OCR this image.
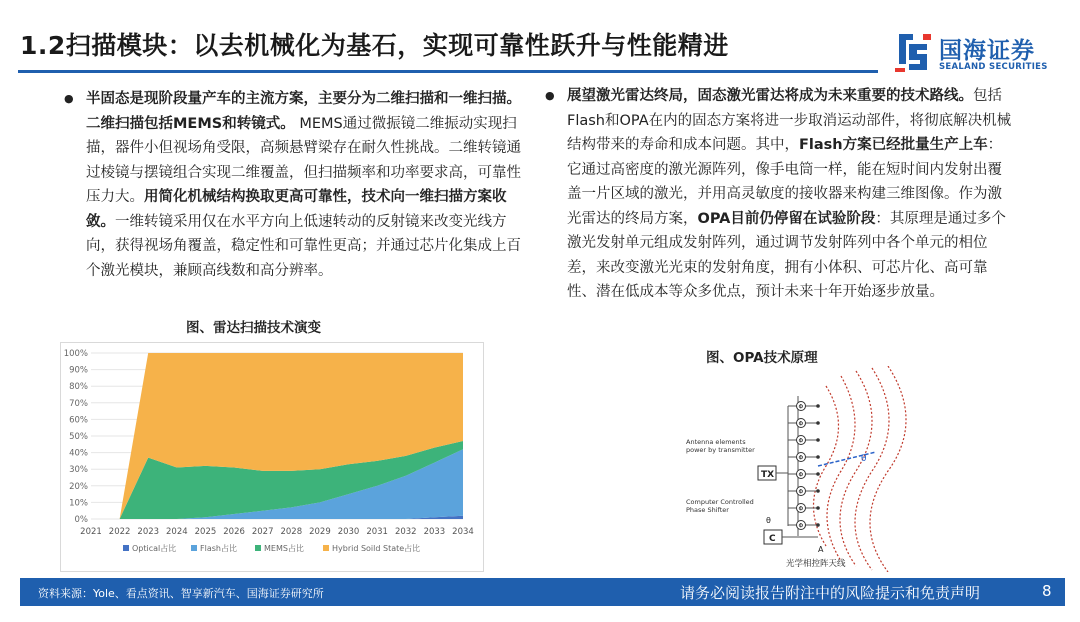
1.2扫描模块：以去机械化为基石，实现可靠性跃升与性能精进	国海证券
SEALAND SECURITIES
● 半固态是现阶段量产车的主流方案，主要分为二维扫描和一维扫描。二维扫描包括MEMS和转镜式。 MEMS通过微振镜二维振动实现扫描，器件小但视场角受限，高频悬臂梁存在耐久性挑战。二维转镜通过棱镜与摆镜组合实现二维覆盖，但扫描频率和功率要求高，可靠性压力大。用简化机械结构换取更高可靠性，技术向一维扫描方案收敛。一维转镜采用仅在水平方向上低速转动的反射镜来改变光线方向，获得视场角覆盖，稳定性和可靠性更高；并通过芯片化集成上百个激光模块，兼顾高线数和高分辨率。
● 展望激光雷达终局，固态激光雷达将成为未来重要的技术路线。包括Flash和OPA在内的固态方案将进一步取消运动部件，将彻底解决机械结构带来的寿命和成本问题。其中，Flash方案已经批量生产上车：它通过高密度的激光源阵列，像手电筒一样，能在短时间内发射出覆盖一片区域的激光，并用高灵敏度的接收器来构建三维图像。作为激光雷达的终局方案，OPA目前仍停留在试验阶段：其原理是通过多个激光发射单元组成发射阵列，通过调节发射阵列中各个单元的相位差，来改变激光光束的发射角度，拥有小体积、可芯片化、高可靠性、潜在低成本等众多优点，预计未来十年开始逐步放量。
图、雷达扫描技术演变
图、OPA技术原理
0%
10%
20%
30%
40%
50%
60%
70%
80%
90%
100%
2021 2022 2023 2024 2025 2026 2027 2028 2029 2030 2031 2032 2033 2034
Optical占比	Flash占比	MEMS占比	Hybrid Soild State占比
Φ
Φ
Φ
Φ
Φ
Φ
Φ
Φ
θ
TX
C
θ
A
Antenna elements
power by transmitter
Computer Controlled
Phase Shifter
光学相控阵天线
资料来源：Yole、看点资讯、智享新汽车、国海证券研究所	请务必阅读报告附注中的风险提示和免责声明	8
